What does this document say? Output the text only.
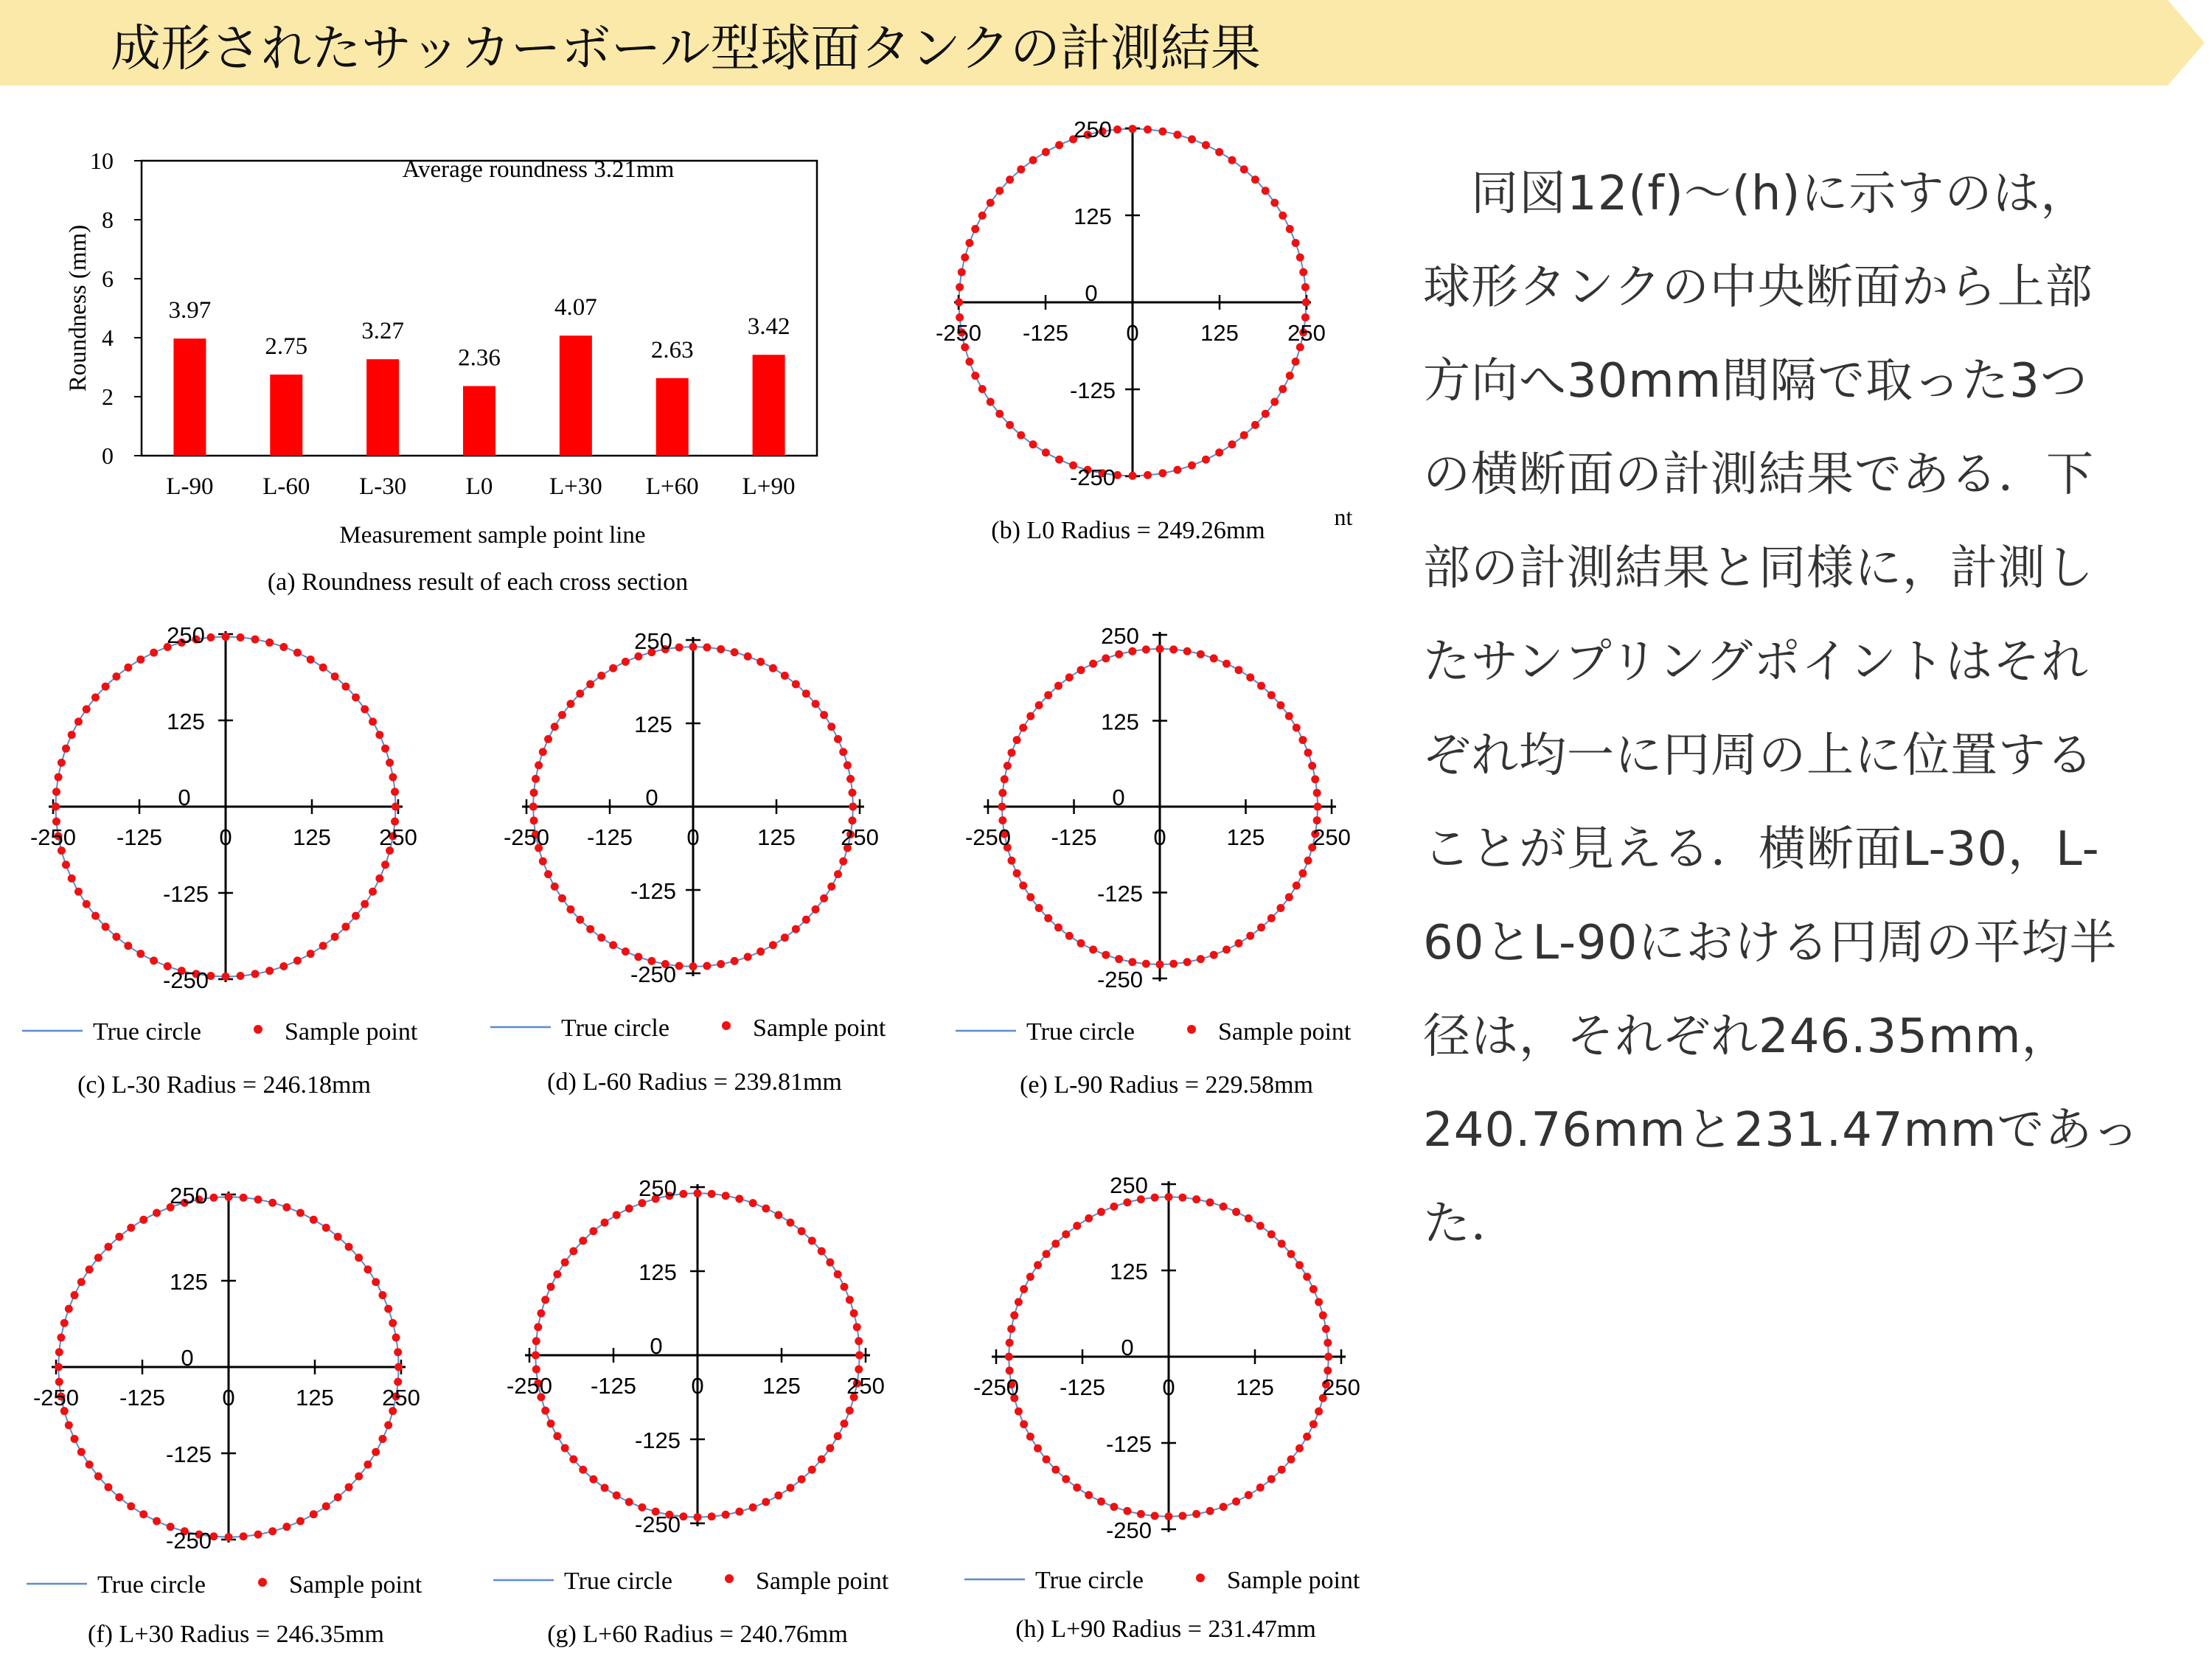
成形されたサッカーボール型球面タンクの計測結果
0
2
4
6
8
10
3.97
L-90
2.75
L-60
3.27
L-30
2.36
L0
4.07
L+30
2.63
L+60
3.42
L+90
Average roundness 3.21mm
Measurement sample point line
Roundness (mm)
(a) Roundness result of each cross section
-250
-250
-125
-125
0	125
125
250
250
0
(b) L0 Radius = 249.26mm
-250
-250
-125
-125
0	125
125
250
250
0
True circle	Sample point
(c) L-30 Radius = 246.18mm
-250
-250
-125
-125
0	125
125
250
250
0
True circle	Sample point
(d) L-60 Radius = 239.81mm
-250
-250
-125
-125
0	125
125
250
250
0
True circle	Sample point
(e) L-90 Radius = 229.58mm
-250
-250
-125
-125
0	125
125
250
250
0
True circle	Sample point
(f) L+30 Radius = 246.35mm
-250
-250
-125
-125
0	125
125
250
250
0
True circle	Sample point
(g) L+60 Radius = 240.76mm
-250
-250
-125
-125
0	125
125
250
250
0
True circle	Sample point
(h) L+90 Radius = 231.47mm
nt

　同図12(f)～(h)に示すのは，

球形タンクの中央断面から上部

方向へ30mm間隔で取った3つ

の横断面の計測結果である．下

部の計測結果と同様に，計測し

たサンプリングポイントはそれ

ぞれ均一に円周の上に位置する

ことが見える．横断面L-30，L-

60とL-90における円周の平均半

径は，それぞれ246.35mm，

240.76mmと231.47mmであっ

た．
